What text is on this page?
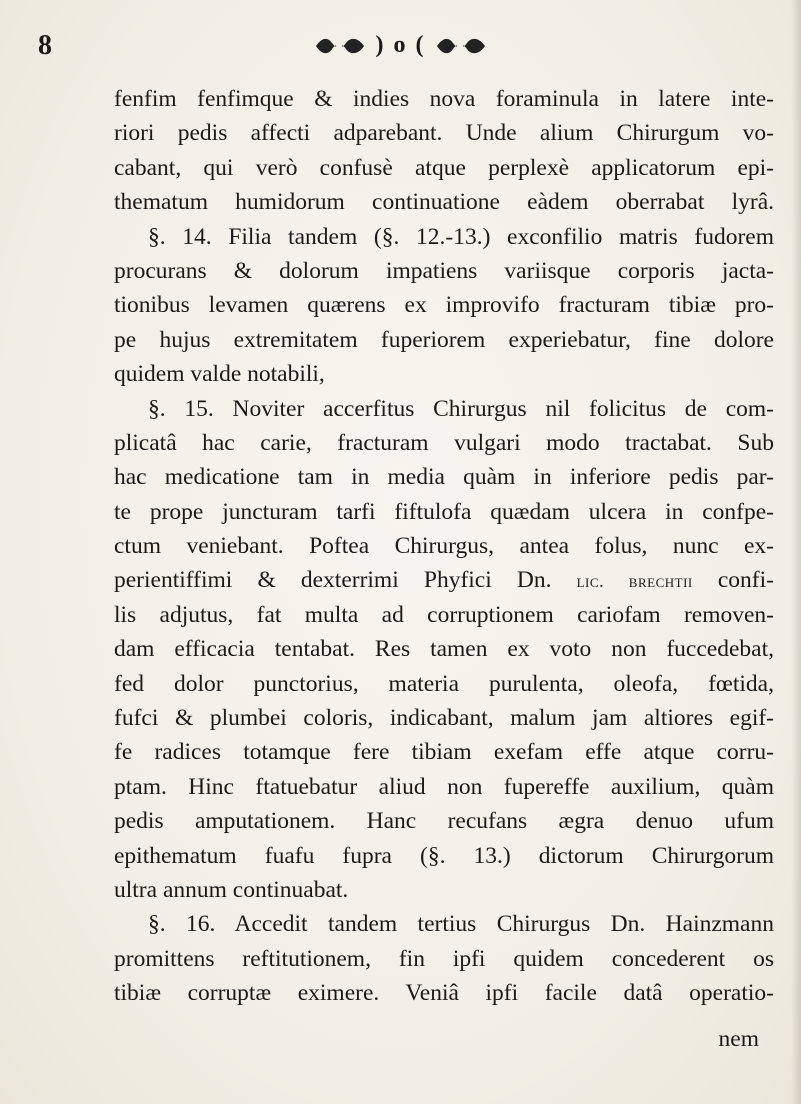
8	) o (
fenfim fenfimque & indies nova foraminula in latere inte-
riori pedis affecti adparebant. Unde alium Chirurgum vo-
cabant, qui verò confusè atque perplexè applicatorum epi-
thematum humidorum continuatione eàdem oberrabat lyrâ.
§. 14. Filia tandem (§. 12.-13.) exconfilio matris fudorem
procurans & dolorum impatiens variisque corporis jacta-
tionibus levamen quærens ex improvifo fracturam tibiæ pro-
pe hujus extremitatem fuperiorem experiebatur, fine dolore
quidem valde notabili,
§. 15. Noviter accerfitus Chirurgus nil folicitus de com-
plicatâ hac carie, fracturam vulgari modo tractabat. Sub
hac medicatione tam in media quàm in inferiore pedis par-
te prope juncturam tarfi fiftulofa quædam ulcera in confpe-
ctum veniebant. Poftea Chirurgus, antea folus, nunc ex-
perientiffimi & dexterrimi Phyfici Dn. lic. brechtii confi-
lis adjutus, fat multa ad corruptionem cariofam removen-
dam efficacia tentabat. Res tamen ex voto non fuccedebat,
fed dolor punctorius, materia purulenta, oleofa, fœtida,
fufci & plumbei coloris, indicabant, malum jam altiores egif-
fe radices totamque fere tibiam exefam effe atque corru-
ptam. Hinc ftatuebatur aliud non fupereffe auxilium, quàm
pedis amputationem. Hanc recufans ægra denuo ufum
epithematum fuafu fupra (§. 13.) dictorum Chirurgorum
ultra annum continuabat.
§. 16. Accedit tandem tertius Chirurgus Dn. Hainzmann
promittens reftitutionem, fin ipfi quidem concederent os
tibiæ corruptæ eximere. Veniâ ipfi facile datâ operatio-
nem
